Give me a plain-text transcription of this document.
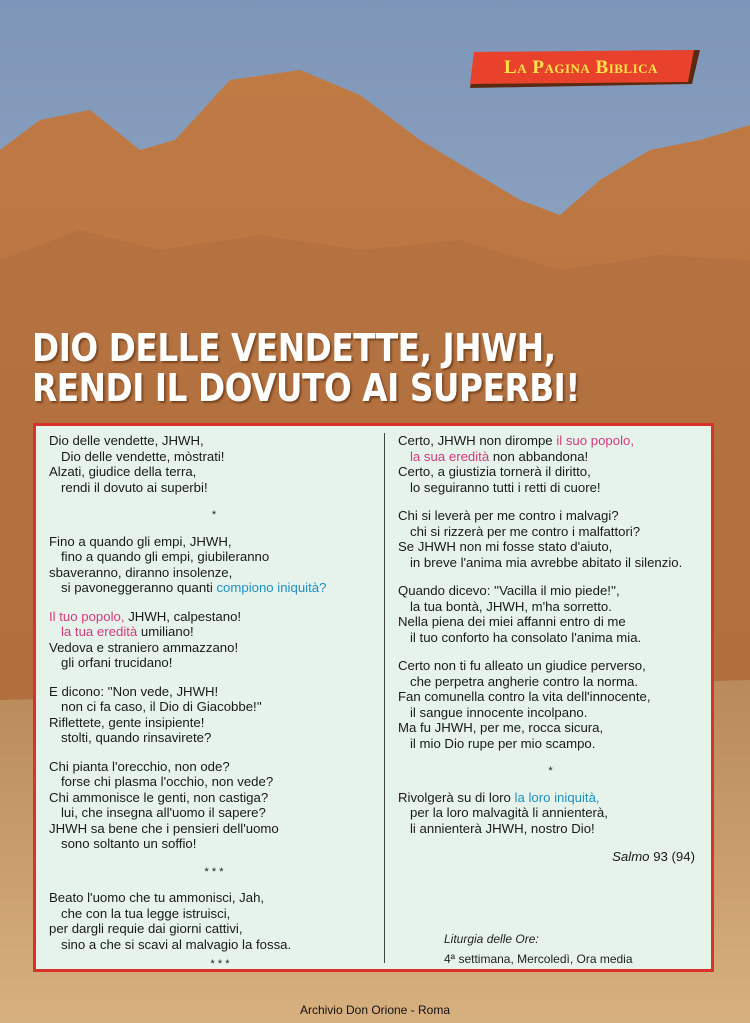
La Pagina Biblica
DIO DELLE VENDETTE, JHWH,
RENDI IL DOVUTO AI SUPERBI!
Dio delle vendette, JHWH,
Dio delle vendette, mòstrati!
Alzati, giudice della terra,
rendi il dovuto ai superbi!
*
Fino a quando gli empi, JHWH,
fino a quando gli empi, giubileranno
sbaveranno, diranno insolenze,
si pavoneggeranno quanti compiono iniquità?
Il tuo popolo, JHWH, calpestano!
la tua eredità umiliano!
Vedova e straniero ammazzano!
gli orfani trucidano!
E dicono: ''Non vede, JHWH!
non ci fa caso, il Dio di Giacobbe!''
Riflettete, gente insipiente!
stolti, quando rinsavirete?
Chi pianta l'orecchio, non ode?
forse chi plasma l'occhio, non vede?
Chi ammonisce le genti, non castiga?
lui, che insegna all'uomo il sapere?
JHWH sa bene che i pensieri dell'uomo
sono soltanto un soffio!
* * *
Beato l'uomo che tu ammonisci, Jah,
che con la tua legge istruisci,
per dargli requie dai giorni cattivi,
sino a che si scavi al malvagio la fossa.
* * *
Certo, JHWH non dirompe il suo popolo,
la sua eredità non abbandona!
Certo, a giustizia tornerà il diritto,
lo seguiranno tutti i retti di cuore!
Chi si leverà per me contro i malvagi?
chi si rizzerà per me contro i malfattori?
Se JHWH non mi fosse stato d'aiuto,
in breve l'anima mia avrebbe abitato il silenzio.
Quando dicevo: ''Vacilla il mio piede!'',
la tua bontà, JHWH, m'ha sorretto.
Nella piena dei miei affanni entro di me
il tuo conforto ha consolato l'anima mia.
Certo non ti fu alleato un giudice perverso,
che perpetra angherie contro la norma.
Fan comunella contro la vita dell'innocente,
il sangue innocente incolpano.
Ma fu JHWH, per me, rocca sicura,
il mio Dio rupe per mio scampo.
*
Rivolgerà su di loro la loro iniquità,
per la loro malvagità li annienterà,
li annienterà JHWH, nostro Dio!
Salmo 93 (94)
Liturgia delle Ore:
4ª settimana, Mercoledì, Ora media
Archivio Don Orione - Roma
